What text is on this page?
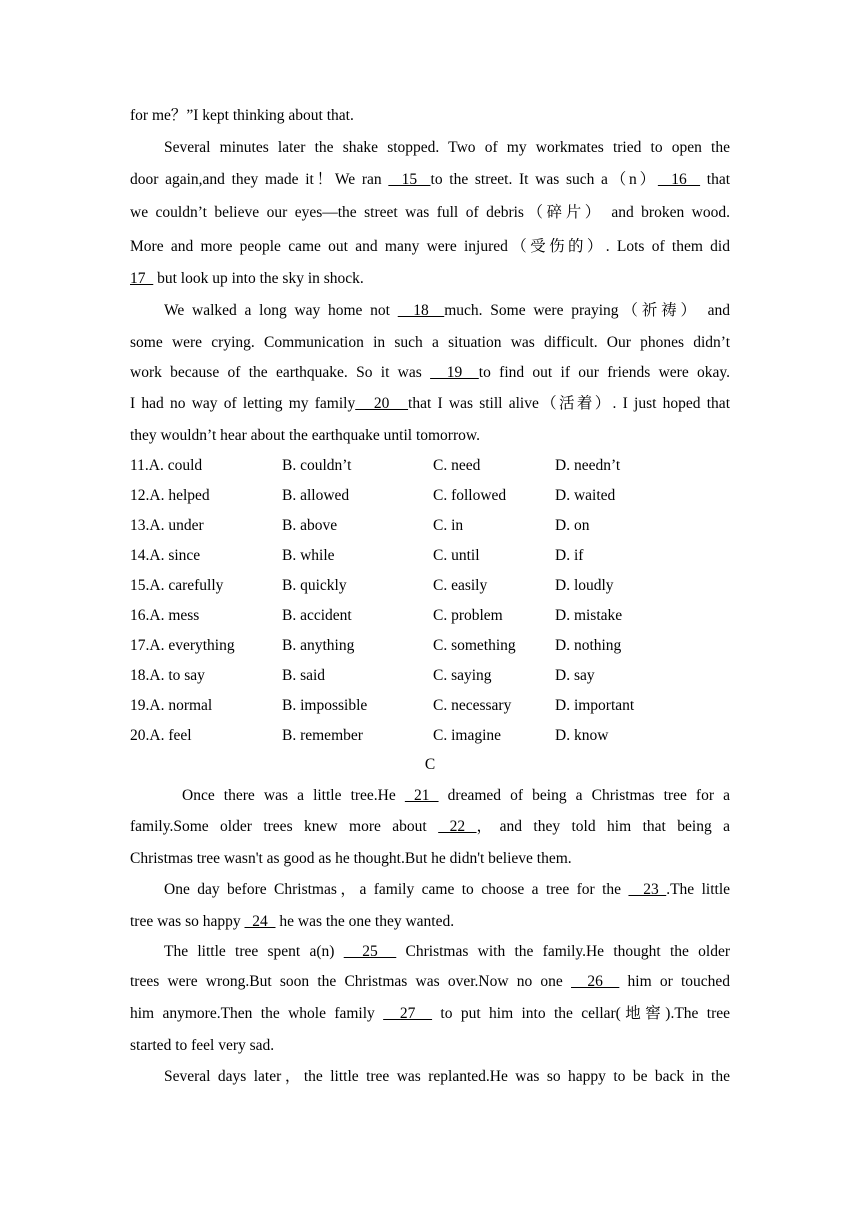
for me？”I kept thinking about that.
Several minutes later the shake stopped. Two of my workmates tried to open the
door again,and they made it！We ran   15  to the street. It was such a（n）  16   that
we couldn’t believe our eyes—the street was full of debris（碎片） and broken wood.
More and more people came out and many were injured（受伤的）. Lots of them did
17   but look up into the sky in shock.
We walked a long way home not   18  much. Some were praying（祈祷） and
some were crying. Communication in such a situation was difficult. Our phones didn’t
work because of the earthquake. So it was   19  to find out if our friends were okay.
I had no way of letting my family   20   that I was still alive（活着）. I just hoped that
they wouldn’t hear about the earthquake until tomorrow.
11.A. could	B. couldn’t	C. need	D. needn’t
12.A. helped	B. allowed	C. followed	D. waited
13.A. under	B. above	C. in	D. on
14.A. since	B. while	C. until	D. if
15.A. carefully	B. quickly	C. easily	D. loudly
16.A. mess	B. accident	C. problem	D. mistake
17.A. everything	B. anything	C. something	D. nothing
18.A. to say	B. said	C. saying	D. say
19.A. normal	B. impossible	C. necessary	D. important
20.A. feel	B. remember	C. imagine	D. know
C
Once there was a little tree.He  21  dreamed of being a Christmas tree for a
family.Some older trees knew more about  22 ，and they told him that being a
Christmas tree wasn't as good as he thought.But he didn't believe them.
One day before Christmas，a family came to choose a tree for the   23 .The little
tree was so happy   24   he was the one they wanted.
The little tree spent a(n)   25   Christmas with the family.He thought the older
trees were wrong.But soon the Christmas was over.Now no one   26   him or touched
him anymore.Then the whole family   27   to put him into the cellar(地窖).The tree
started to feel very sad.
Several days later，the little tree was replanted.He was so happy to be back in the
